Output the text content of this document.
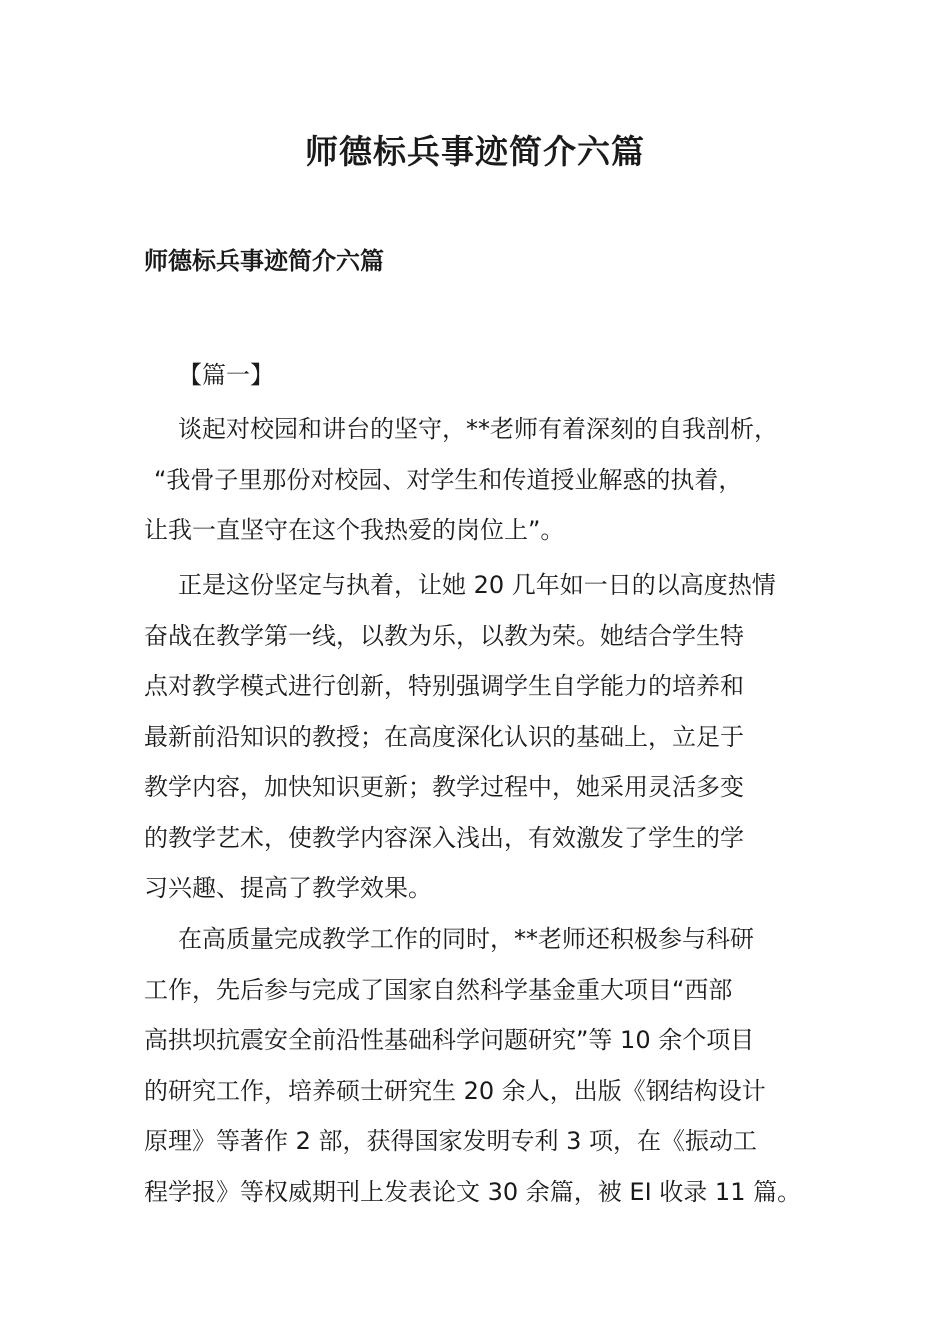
师德标兵事迹简介六篇
师德标兵事迹简介六篇
【篇一】
谈起对校园和讲台的坚守，**老师有着深刻的自我剖析，
“我骨子里那份对校园、对学生和传道授业解惑的执着，
让我一直坚守在这个我热爱的岗位上”。
正是这份坚定与执着，让她 20 几年如一日的以高度热情
奋战在教学第一线，以教为乐，以教为荣。她结合学生特
点对教学模式进行创新，特别强调学生自学能力的培养和
最新前沿知识的教授；在高度深化认识的基础上，立足于
教学内容，加快知识更新；教学过程中，她采用灵活多变
的教学艺术，使教学内容深入浅出，有效激发了学生的学
习兴趣、提高了教学效果。
在高质量完成教学工作的同时，**老师还积极参与科研
工作，先后参与完成了国家自然科学基金重大项目“西部
高拱坝抗震安全前沿性基础科学问题研究”等 10 余个项目
的研究工作，培养硕士研究生 20 余人，出版《钢结构设计
原理》等著作 2 部，获得国家发明专利 3 项，在《振动工
程学报》等权威期刊上发表论文 30 余篇，被 EI 收录 11 篇。
